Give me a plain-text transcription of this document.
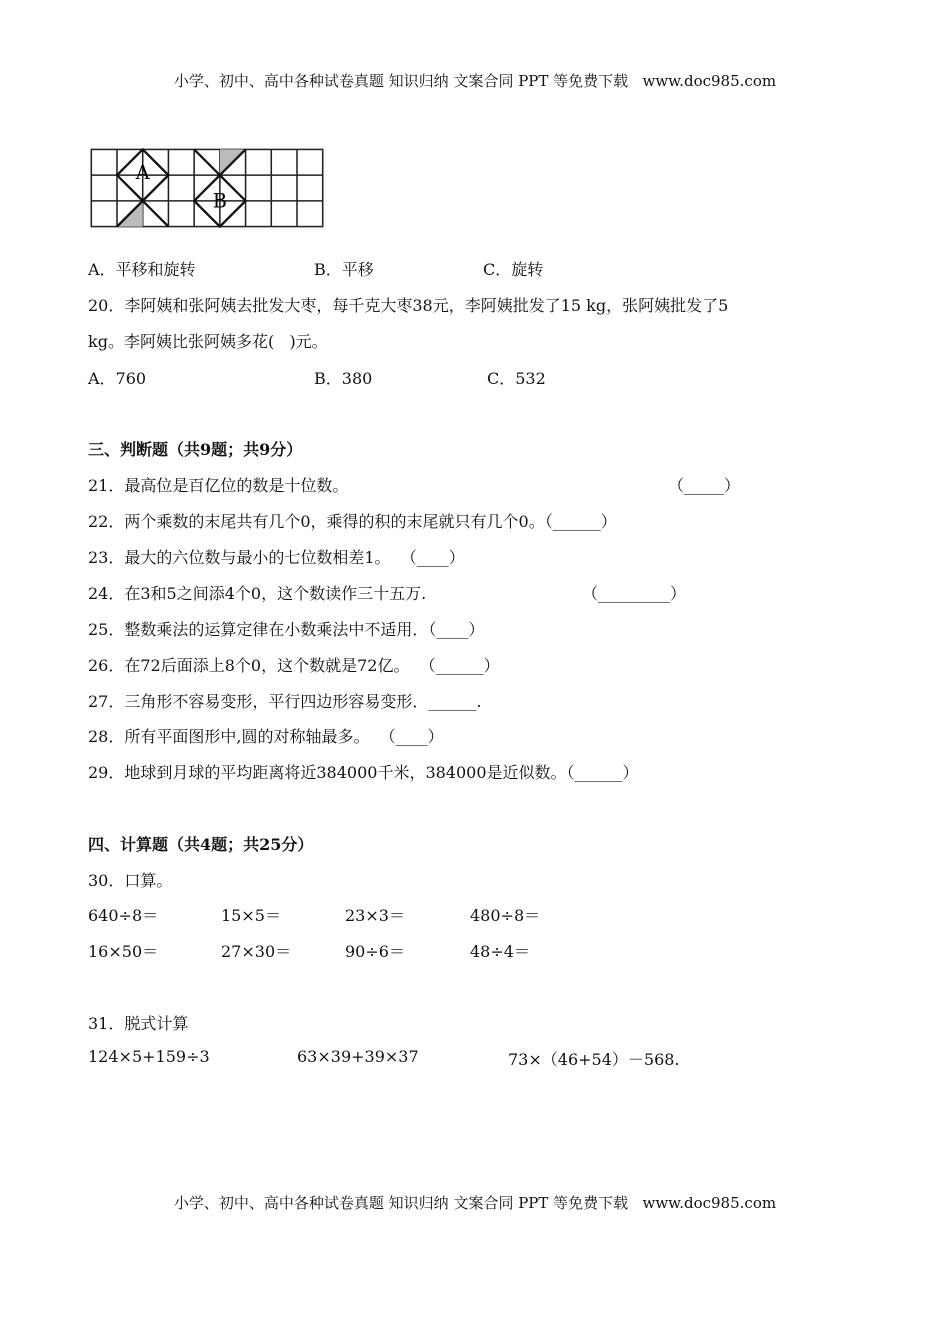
小学、初中、高中各种试卷真题 知识归纳 文案合同 PPT 等免费下载   www.doc985.com
A．平移和旋转	B．平移	C．旋转
20．李阿姨和张阿姨去批发大枣，每千克大枣38元，李阿姨批发了15 kg，张阿姨批发了5
kg。李阿姨比张阿姨多花(   )元。
A．760	B．380	C．532
三、判断题（共9题；共9分）
21．最高位是百亿位的数是十位数。	（_____）
22．两个乘数的末尾共有几个0，乘得的积的末尾就只有几个0。（______）
23．最大的六位数与最小的七位数相差1。  （____）
24．在3和5之间添4个0，这个数读作三十五万.	（_________）
25．整数乘法的运算定律在小数乘法中不适用．（____）
26．在72后面添上8个0，这个数就是72亿。  （______）
27．三角形不容易变形，平行四边形容易变形．______.
28．所有平面图形中,圆的对称轴最多。  （____）
29．地球到月球的平均距离将近384000千米，384000是近似数。（______）
四、计算题（共4题；共25分）
30．口算。
640÷8＝	15×5＝	23×3＝	480÷8＝
16×50＝	27×30＝	90÷6＝	48÷4＝
31．脱式计算
124×5+159÷3	63×39+39×37	73×（46+54）－568.
小学、初中、高中各种试卷真题 知识归纳 文案合同 PPT 等免费下载   www.doc985.com
